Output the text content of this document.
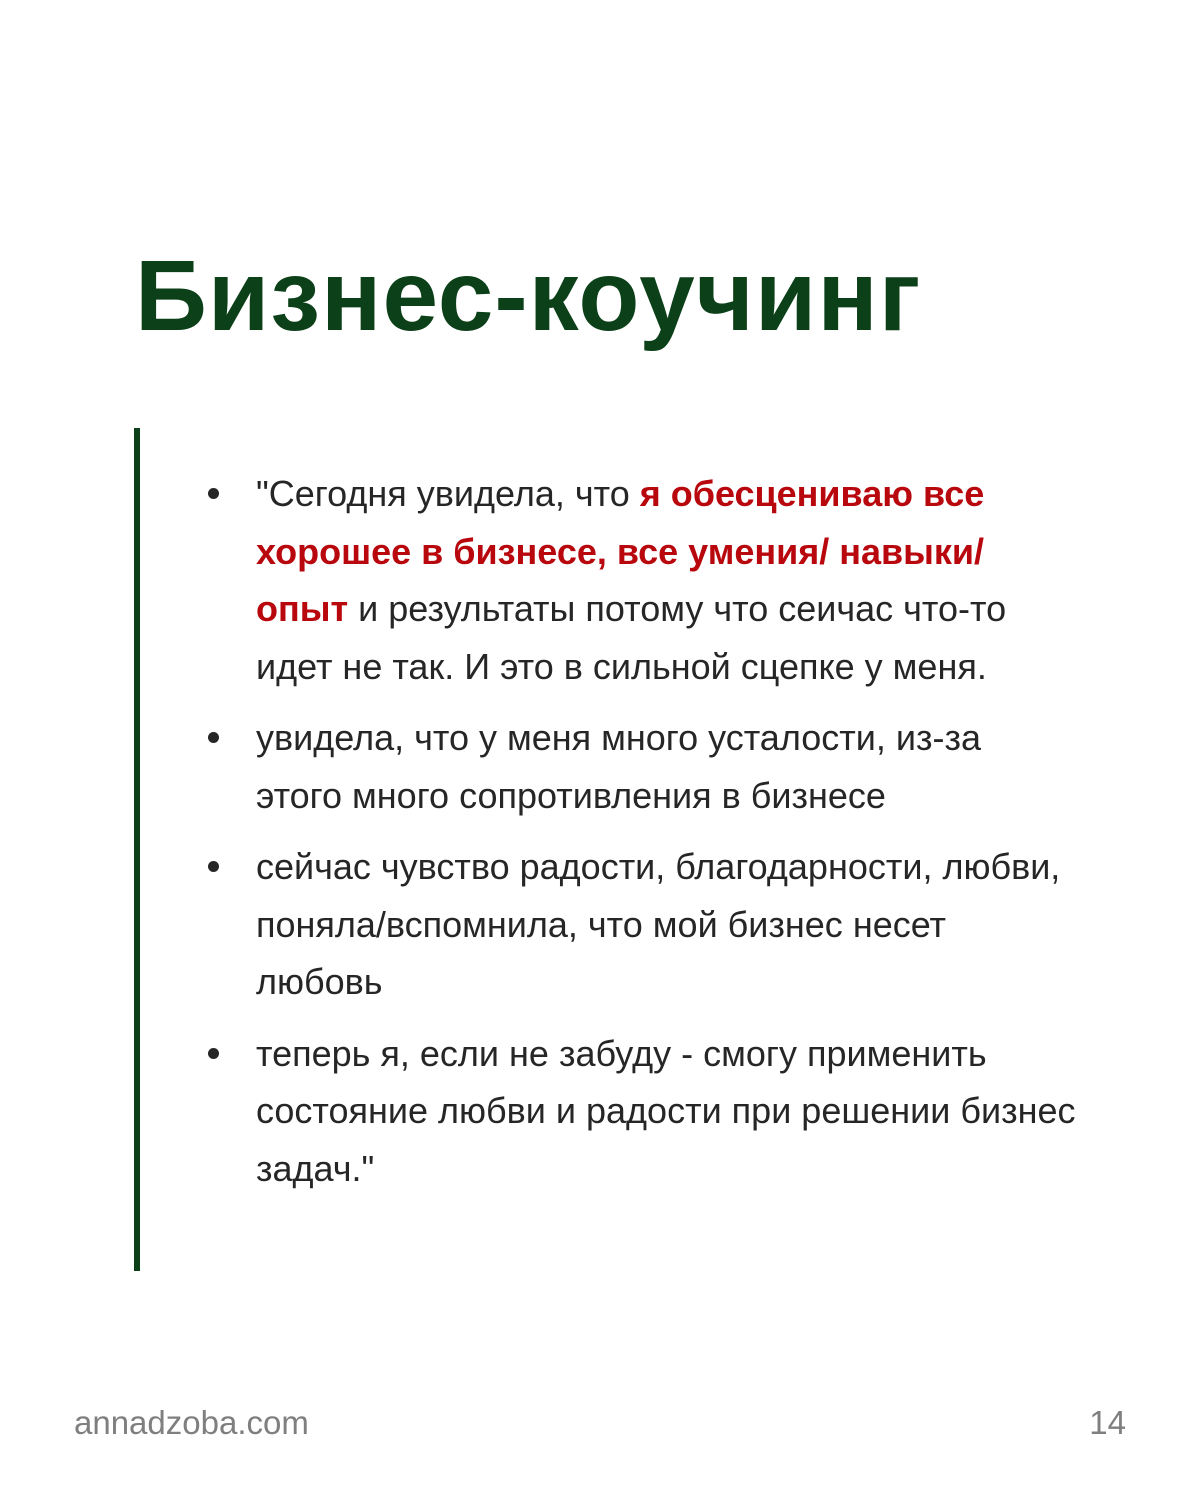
Бизнес-коучинг
"Сегодня увидела, что я обесцениваю все хорошее в бизнесе, все умения/ навыки/ опыт и результаты потому что сеичас что-то идет не так. И это в сильной сцепке у меня.
увидела, что у меня много усталости, из-за этого много сопротивления в бизнесе
сейчас чувство радости, благодарности, любви, поняла/вспомнила, что мой бизнес несет любовь
теперь я, если не забуду - смогу применить состояние любви и радости при решении бизнес задач."
annadzoba.com	14
